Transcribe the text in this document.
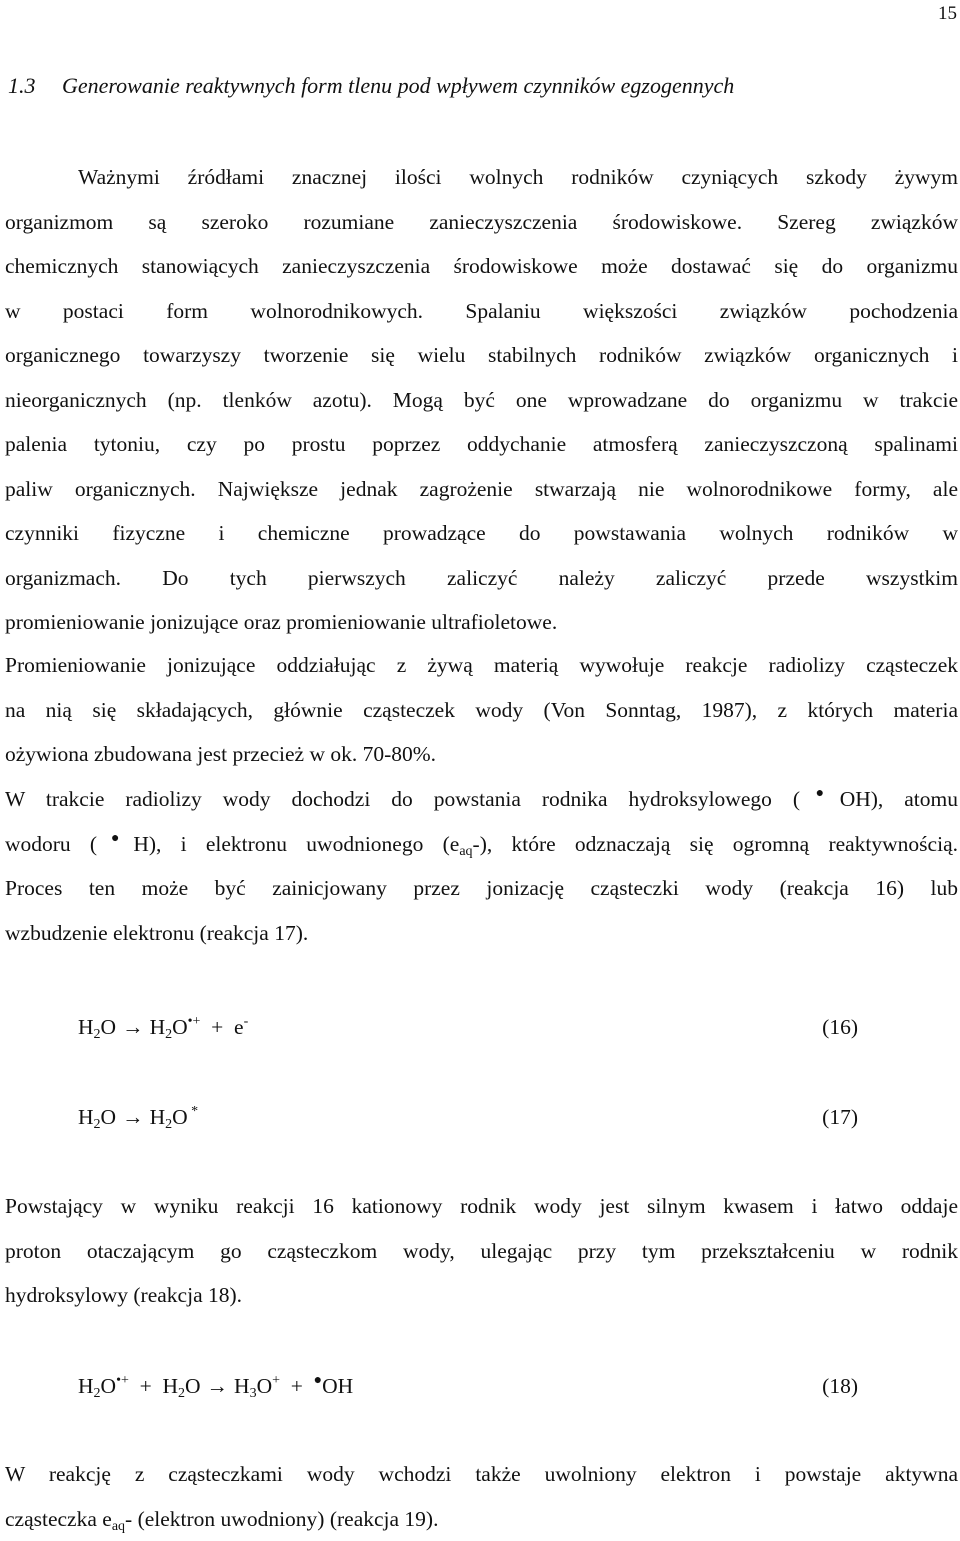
15
1.3 Generowanie reaktywnych form tlenu pod wpływem czynników egzogennych
Ważnymi źródłami znacznej ilości wolnych rodników czyniących szkody żywym
organizmom są szeroko rozumiane zanieczyszczenia środowiskowe. Szereg związków
chemicznych stanowiących zanieczyszczenia środowiskowe może dostawać się do organizmu
w postaci form wolnorodnikowych. Spalaniu większości związków pochodzenia
organicznego towarzyszy tworzenie się wielu stabilnych rodników związków organicznych i
nieorganicznych (np. tlenków azotu). Mogą być one wprowadzane do organizmu w trakcie
palenia tytoniu, czy po prostu poprzez oddychanie atmosferą zanieczyszczoną spalinami
paliw organicznych. Największe jednak zagrożenie stwarzają nie wolnorodnikowe formy, ale
czynniki fizyczne i chemiczne prowadzące do powstawania wolnych rodników w
organizmach. Do tych pierwszych zaliczyć należy zaliczyć przede wszystkim
promieniowanie jonizujące oraz promieniowanie ultrafioletowe.
Promieniowanie jonizujące oddziałując z żywą materią wywołuje reakcje radiolizy cząsteczek
na nią się składających, głównie cząsteczek wody (Von Sonntag, 1987), z których materia
ożywiona zbudowana jest przecież w ok. 70-80%.
W trakcie radiolizy wody dochodzi do powstania rodnika hydroksylowego (●OH), atomu
wodoru (●H), i elektronu uwodnionego $(e_{aq}-)$, które odznaczają się ogromną reaktywnością.
Proces ten może być zainicjowany przez jonizację cząsteczki wody (reakcja 16) lub
wzbudzenie elektronu (reakcja 17).
$H_2O \to H_2O^{•+} + e^-$	(16)
$H_2O \to H_2O$ *	(17)
Powstający w wyniku reakcji 16 kationowy rodnik wody jest silnym kwasem i łatwo oddaje
proton otaczającym go cząsteczkom wody, ulegając przy tym przekształceniu w rodnik
hydroksylowy (reakcja 18).
$H_2O^{•+} + H_2O \to H_3O^+ + ^●OH$	(18)
W reakcję z cząsteczkami wody wchodzi także uwolniony elektron i powstaje aktywna
cząsteczka $e_{aq}-$ (elektron uwodniony) (reakcja 19).
